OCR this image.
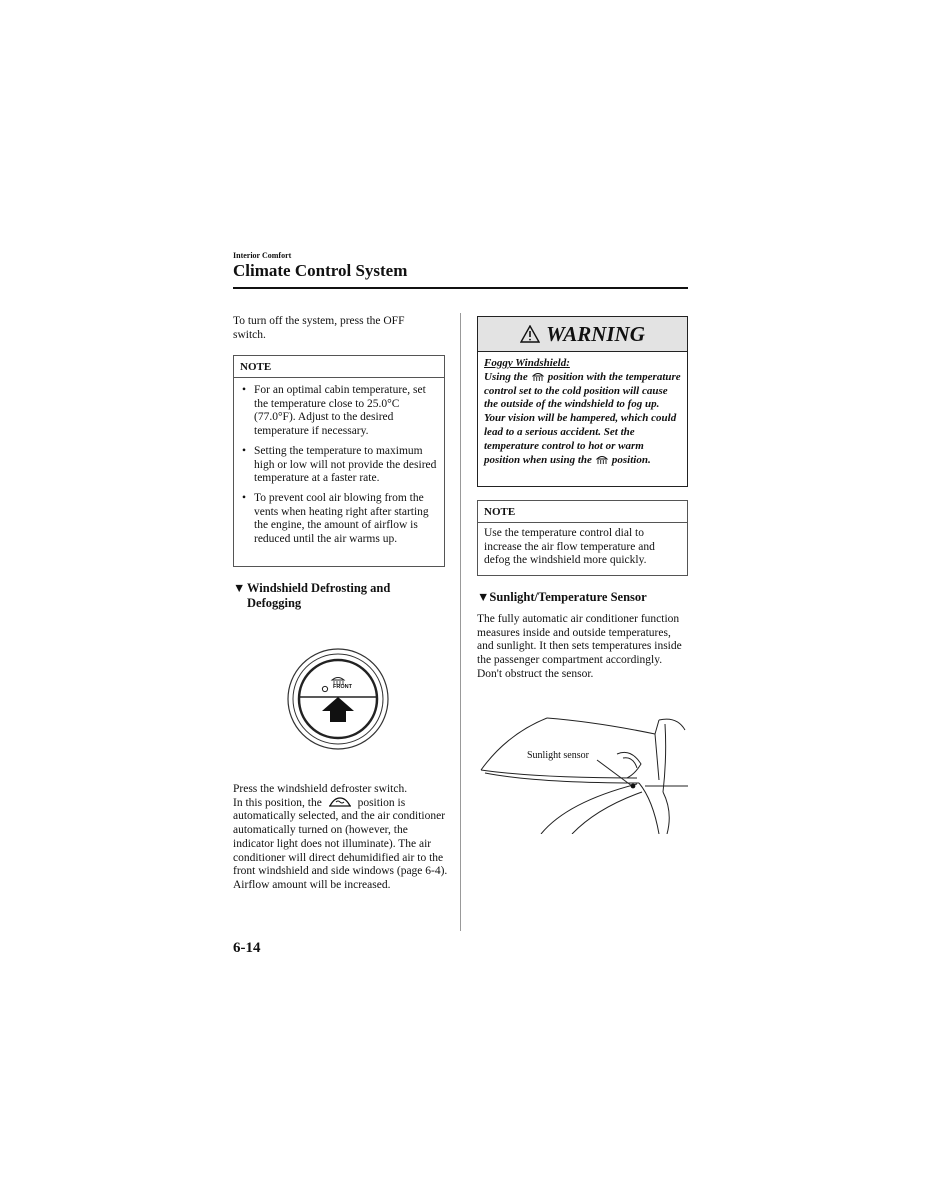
Interior Comfort
Climate Control System
To turn off the system, press the OFF switch.
NOTE
• For an optimal cabin temperature, set the temperature close to 25.0°C (77.0°F). Adjust to the desired temperature if necessary.
• Setting the temperature to maximum high or low will not provide the desired temperature at a faster rate.
• To prevent cool air blowing from the vents when heating right after starting the engine, the amount of airflow is reduced until the air warms up.
▼ Windshield Defrosting and Defogging
FRONT
Press the windshield defroster switch.
In this position, the	position is
automatically selected, and the air conditioner automatically turned on (however, the indicator light does not illuminate). The air conditioner will direct dehumidified air to the front windshield and side windows (page 6-4). Airflow amount will be increased.
WARNING
Foggy Windshield:
Using the position with the temperature control set to the cold position will cause the outside of the windshield to fog up. Your vision will be hampered, which could lead to a serious accident. Set the temperature control to hot or warm position when using the position.
NOTE
Use the temperature control dial to increase the air flow temperature and defog the windshield more quickly.
▼Sunlight/Temperature Sensor
The fully automatic air conditioner function measures inside and outside temperatures, and sunlight. It then sets temperatures inside the passenger compartment accordingly. Don't obstruct the sensor.
Sunlight sensor
6-14
